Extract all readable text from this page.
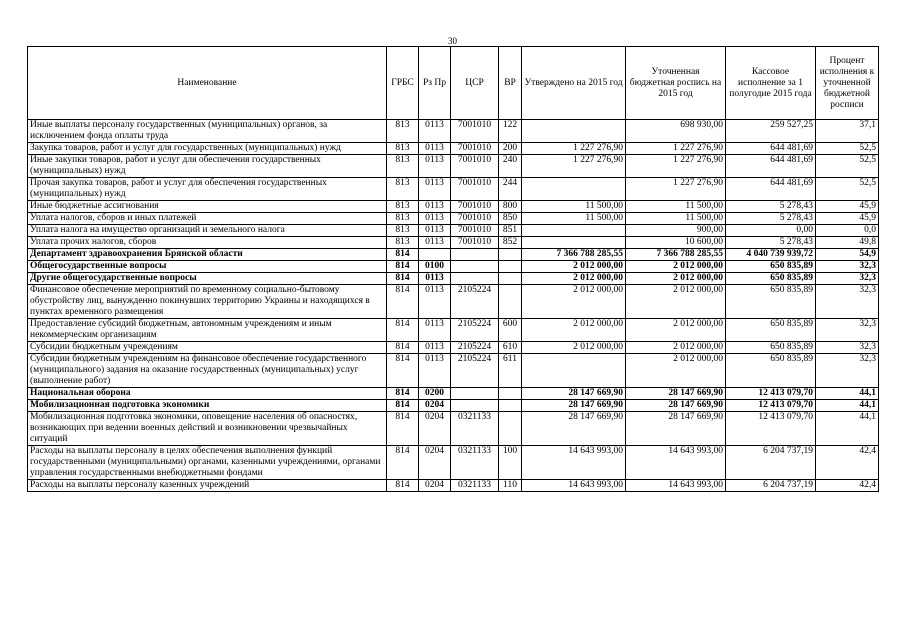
30
Наименование	ГРБС	Рз Пр	ЦСР	ВР	Утверждено на 2015 год	Уточненная бюджетная роспись на 2015 год	Кассовое исполнение за 1 полугодие 2015 года	Процент исполнения к уточненной бюджетной росписи
Иные выплаты персоналу государственных (муниципальных) органов, за исключением фонда оплаты труда	813	0113	7001010	122		698 930,00	259 527,25	37,1
Закупка товаров, работ и услуг для государственных (муниципальных) нужд	813	0113	7001010	200	1 227 276,90	1 227 276,90	644 481,69	52,5
Иные закупки товаров, работ и услуг для обеспечения государственных (муниципальных) нужд	813	0113	7001010	240	1 227 276,90	1 227 276,90	644 481,69	52,5
Прочая закупка товаров, работ и услуг для обеспечения государственных (муниципальных) нужд	813	0113	7001010	244		1 227 276,90	644 481,69	52,5
Иные бюджетные ассигнования	813	0113	7001010	800	11 500,00	11 500,00	5 278,43	45,9
Уплата налогов, сборов и иных платежей	813	0113	7001010	850	11 500,00	11 500,00	5 278,43	45,9
Уплата налога на имущество организаций и земельного налога	813	0113	7001010	851		900,00	0,00	0,0
Уплата прочих налогов, сборов	813	0113	7001010	852		10 600,00	5 278,43	49,8
Департамент здравоохранения Брянской области	814				7 366 788 285,55	7 366 788 285,55	4 040 739 939,72	54,9
Общегосударственные вопросы	814	0100			2 012 000,00	2 012 000,00	650 835,89	32,3
Другие общегосударственные вопросы	814	0113			2 012 000,00	2 012 000,00	650 835,89	32,3
Финансовое обеспечение мероприятий по временному социально-бытовому обустройству лиц, вынужденно покинувших территорию Украины и находящихся в пунктах временного размещения	814	0113	2105224		2 012 000,00	2 012 000,00	650 835,89	32,3
Предоставление субсидий бюджетным, автономным учреждениям и иным некоммерческим организациям	814	0113	2105224	600	2 012 000,00	2 012 000,00	650 835,89	32,3
Субсидии бюджетным учреждениям	814	0113	2105224	610	2 012 000,00	2 012 000,00	650 835,89	32,3
Субсидии бюджетным учреждениям на финансовое обеспечение государственного (муниципального) задания на оказание государственных (муниципальных) услуг (выполнение работ)	814	0113	2105224	611		2 012 000,00	650 835,89	32,3
Национальная оборона	814	0200			28 147 669,90	28 147 669,90	12 413 079,70	44,1
Мобилизационная подготовка экономики	814	0204			28 147 669,90	28 147 669,90	12 413 079,70	44,1
Мобилизационная подготовка экономики, оповещение населения об опасностях, возникающих при ведении военных действий и возникновении чрезвычайных ситуаций	814	0204	0321133		28 147 669,90	28 147 669,90	12 413 079,70	44,1
Расходы на выплаты персоналу в целях обеспечения выполнения функций государственными (муниципальными) органами, казенными учреждениями, органами управления государственными внебюджетными фондами	814	0204	0321133	100	14 643 993,00	14 643 993,00	6 204 737,19	42,4
Расходы на выплаты персоналу казенных учреждений	814	0204	0321133	110	14 643 993,00	14 643 993,00	6 204 737,19	42,4
